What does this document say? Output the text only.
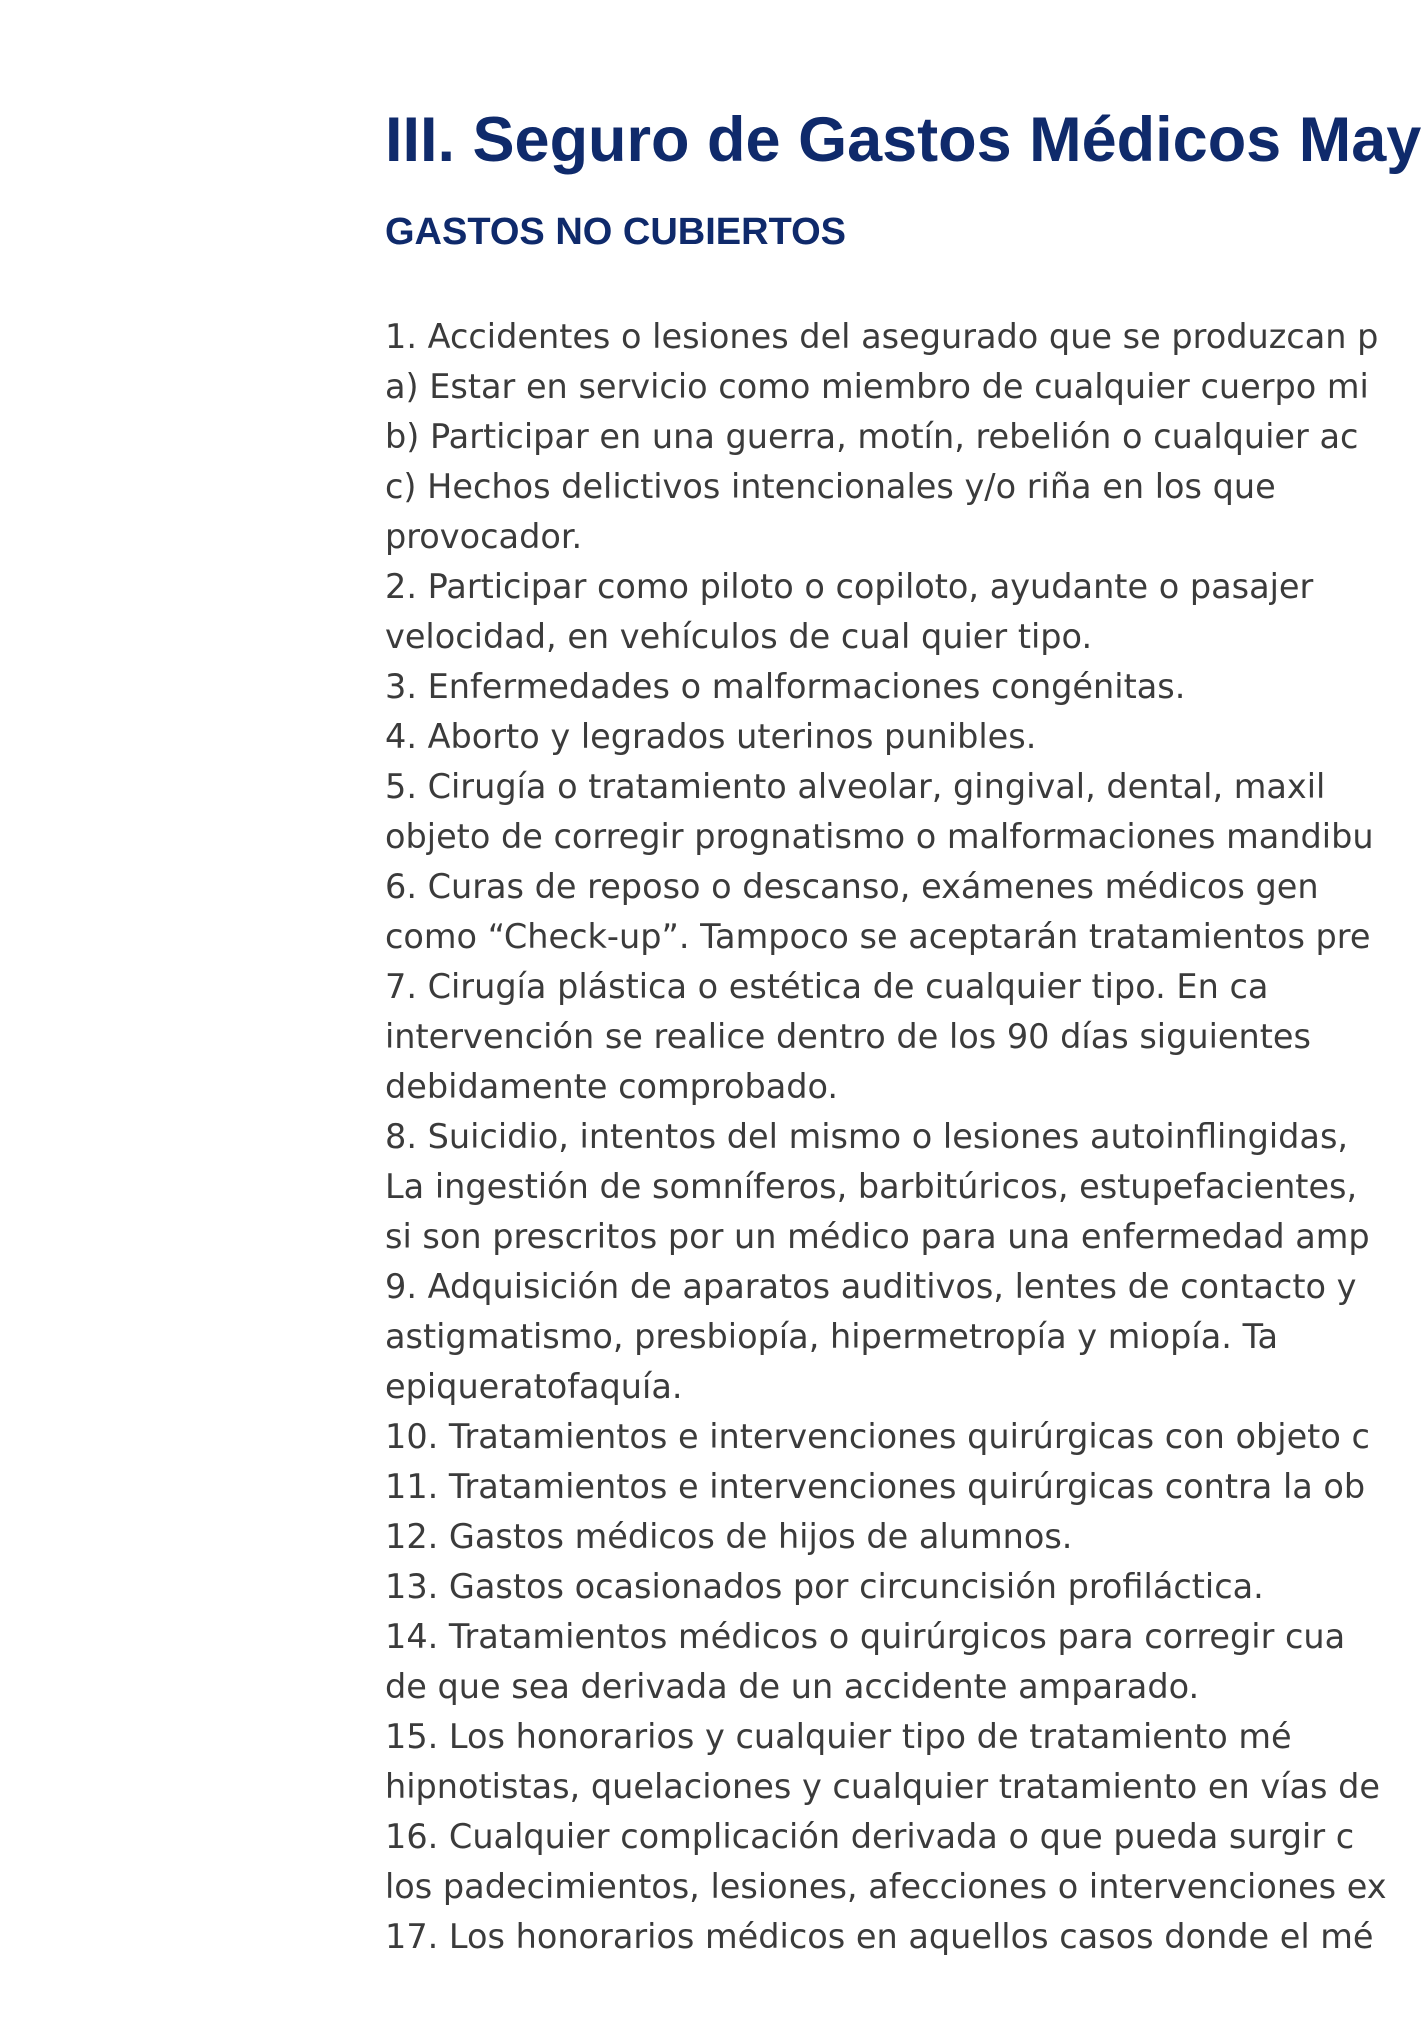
III. Seguro de Gastos Médicos May
GASTOS NO CUBIERTOS
1. Accidentes o lesiones del asegurado que se produzcan p
a) Estar en servicio como miembro de cualquier cuerpo mi
b) Participar en una guerra, motín, rebelión o cualquier ac
c) Hechos delictivos intencionales y/o riña en los que
provocador.
2. Participar como piloto o copiloto, ayudante o pasajer
velocidad, en vehículos de cual quier tipo.
3. Enfermedades o malformaciones congénitas.
4. Aborto y legrados uterinos punibles.
5. Cirugía o tratamiento alveolar, gingival, dental, maxil
objeto de corregir prognatismo o malformaciones mandibu
6. Curas de reposo o descanso, exámenes médicos gen
como “Check-up”. Tampoco se aceptarán tratamientos pre
7. Cirugía plástica o estética de cualquier tipo. En ca
intervención se realice dentro de los 90 días siguientes
debidamente comprobado.
8. Suicidio, intentos del mismo o lesiones autoinflingidas,
La ingestión de somníferos, barbitúricos, estupefacientes,
si son prescritos por un médico para una enfermedad amp
9. Adquisición de aparatos auditivos, lentes de contacto y
astigmatismo, presbiopía, hipermetropía y miopía. Ta
epiqueratofaquía.
10. Tratamientos e intervenciones quirúrgicas con objeto c
11. Tratamientos e intervenciones quirúrgicas contra la ob
12. Gastos médicos de hijos de alumnos.
13. Gastos ocasionados por circuncisión profiláctica.
14. Tratamientos médicos o quirúrgicos para corregir cua
de que sea derivada de un accidente amparado.
15. Los honorarios y cualquier tipo de tratamiento mé
hipnotistas, quelaciones y cualquier tratamiento en vías de
16. Cualquier complicación derivada o que pueda surgir c
los padecimientos, lesiones, afecciones o intervenciones ex
17. Los honorarios médicos en aquellos casos donde el mé
